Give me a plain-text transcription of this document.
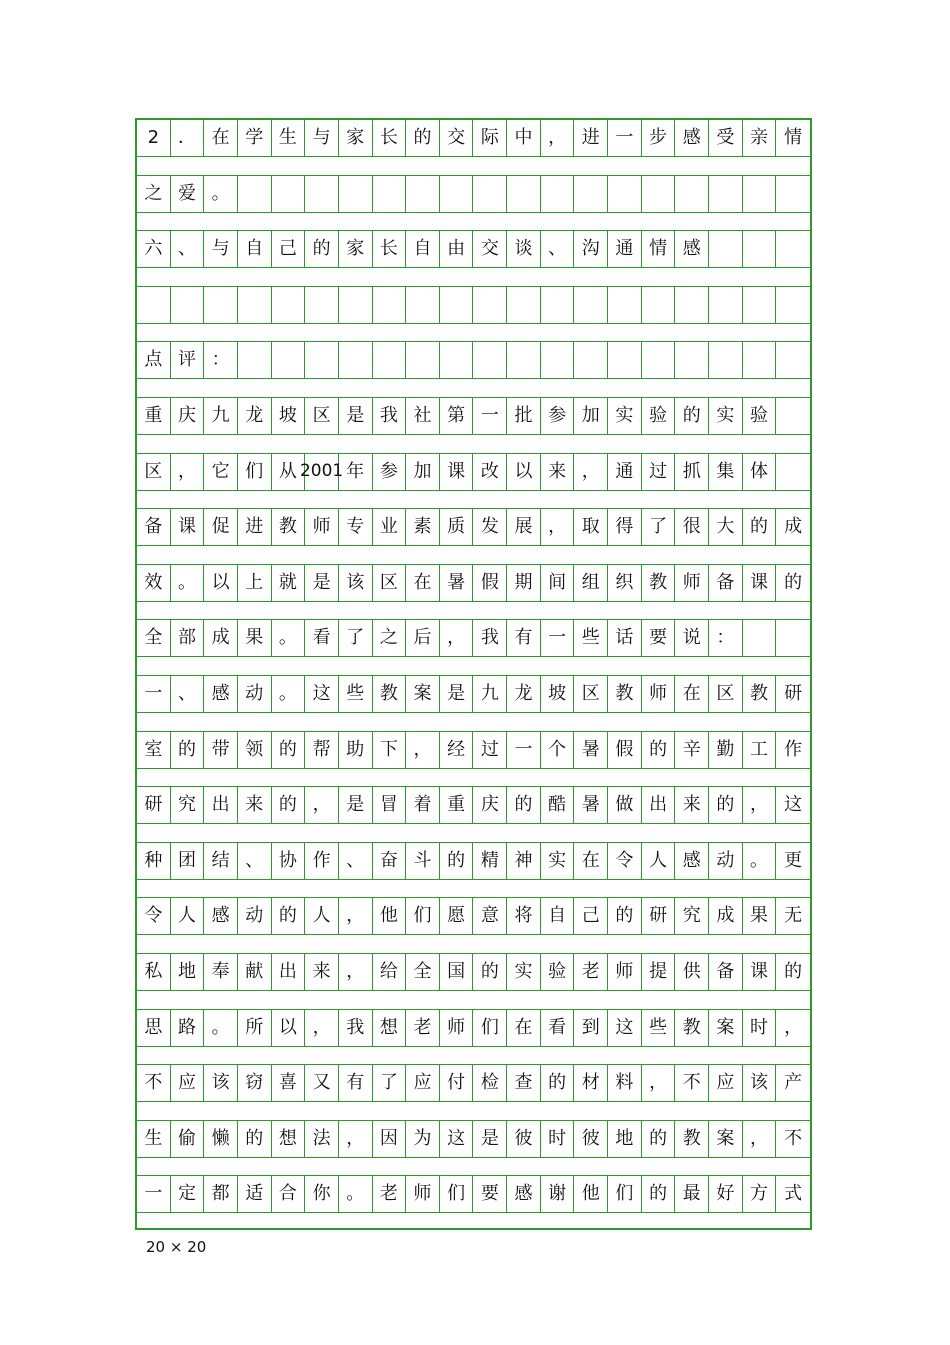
2	． 在 学 生 与 家 长 的 交 际 中 ， 进 一 步 感 受 亲 情
之 爱 。
六 、 与 自 己 的 家 长 自 由 交 谈 、 沟 通 情 感
点 评 ：
重 庆 九 龙 坡 区 是 我 社 第 一 批 参 加 实 验 的 实 验
区 ， 它 们 从 2001 年 参 加 课 改 以 来 ， 通 过 抓 集 体
备 课 促 进 教 师 专 业 素 质 发 展 ， 取 得 了 很 大 的 成
效 。 以 上 就 是 该 区 在 暑 假 期 间 组 织 教 师 备 课 的
全 部 成 果 。 看 了 之 后 ， 我 有 一 些 话 要 说 ：
一 、 感 动 。 这 些 教 案 是 九 龙 坡 区 教 师 在 区 教 研
室 的 带 领 的 帮 助 下 ， 经 过 一 个 暑 假 的 辛 勤 工 作
研 究 出 来 的 ， 是 冒 着 重 庆 的 酷 暑 做 出 来 的 ， 这
种 团 结 、 协 作 、 奋 斗 的 精 神 实 在 令 人 感 动 。 更
令 人 感 动 的 人 ， 他 们 愿 意 将 自 己 的 研 究 成 果 无
私 地 奉 献 出 来 ， 给 全 国 的 实 验 老 师 提 供 备 课 的
思 路 。 所 以 ， 我 想 老 师 们 在 看 到 这 些 教 案 时 ，
不 应 该 窃 喜 又 有 了 应 付 检 查 的 材 料 ， 不 应 该 产
生 偷 懒 的 想 法 ， 因 为 这 是 彼 时 彼 地 的 教 案 ， 不
一 定 都 适 合 你 。 老 师 们 要 感 谢 他 们 的 最 好 方 式
20 × 20
